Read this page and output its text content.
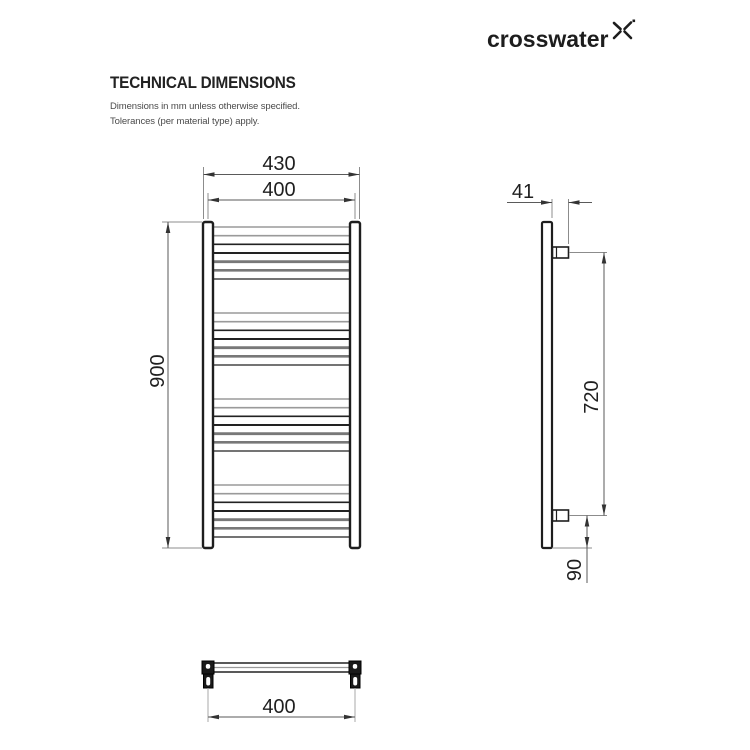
crosswater
TECHNICAL DIMENSIONS
Dimensions in mm unless otherwise specified.
Tolerances (per material type) apply.
430
400
900
41
720
90
400
